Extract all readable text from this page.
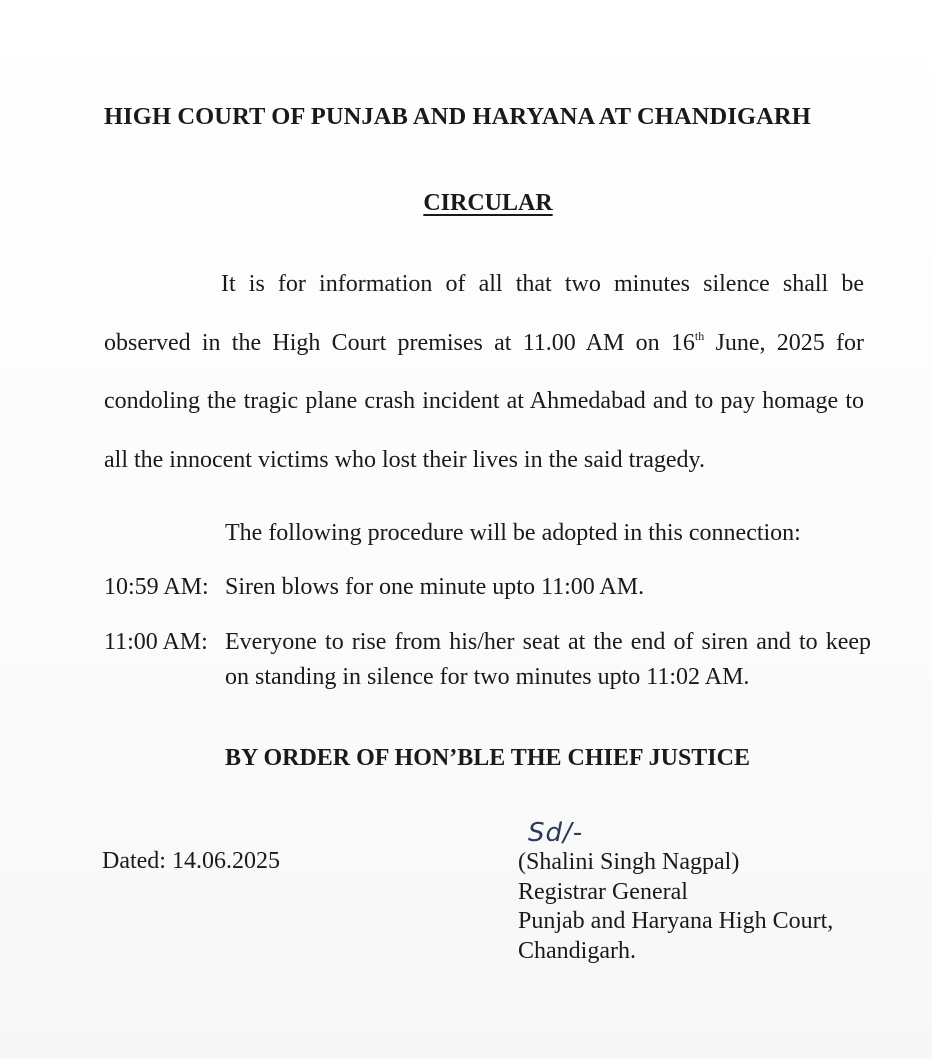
HIGH COURT OF PUNJAB AND HARYANA AT CHANDIGARH
CIRCULAR
It is for information of all that two minutes silence shall be
observed in the High Court premises at 11.00 AM on 16th June, 2025 for
condoling the tragic plane crash incident at Ahmedabad and to pay homage to
all the innocent victims who lost their lives in the said tragedy.
The following procedure will be adopted in this connection:
10:59 AM: Siren blows for one minute upto 11:00 AM.
11:00 AM: Everyone to rise from his/her seat at the end of siren and to keep
on standing in silence for two minutes upto 11:02 AM.
BY ORDER OF HON’BLE THE CHIEF JUSTICE
Dated: 14.06.2025
Sd/-
(Shalini Singh Nagpal)
Registrar General
Punjab and Haryana High Court,
Chandigarh.
